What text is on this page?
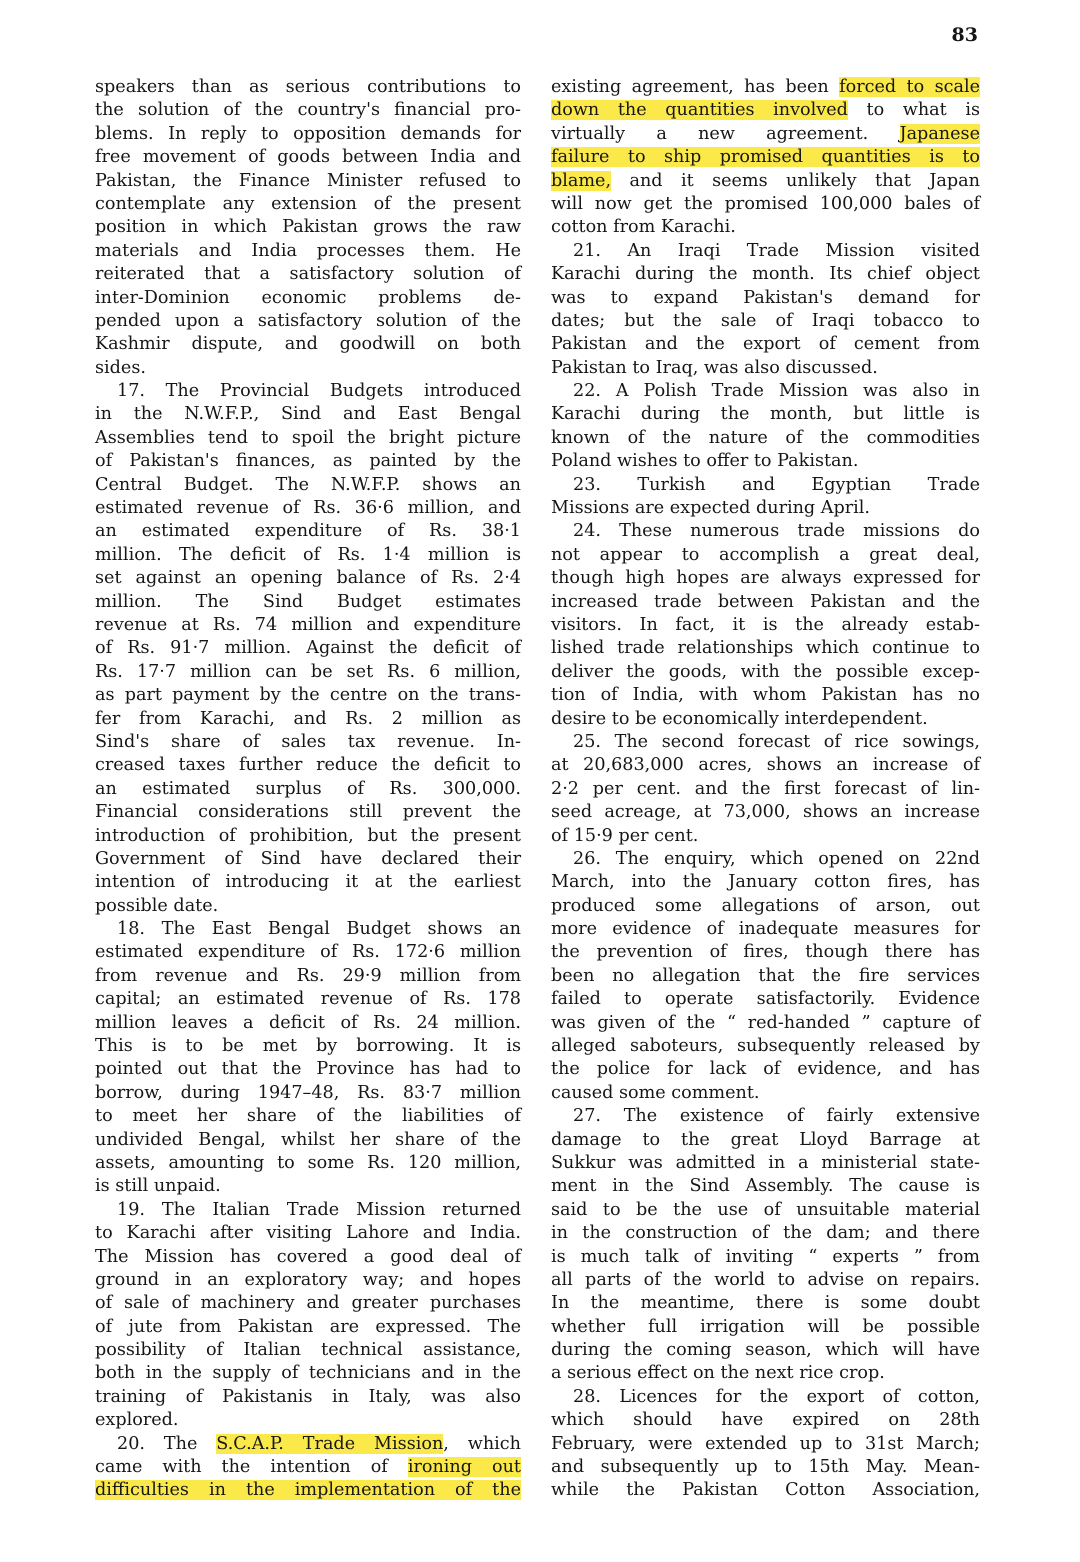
83
speakers than as serious contributions to
the solution of the country's financial pro-
blems. In reply to opposition demands for
free movement of goods between India and
Pakistan, the Finance Minister refused to
contemplate any extension of the present
position in which Pakistan grows the raw
materials and India processes them. He
reiterated that a satisfactory solution of
inter-Dominion economic problems de-
pended upon a satisfactory solution of the
Kashmir dispute, and goodwill on both
sides.
17. The Provincial Budgets introduced
in the N.W.F.P., Sind and East Bengal
Assemblies tend to spoil the bright picture
of Pakistan's finances, as painted by the
Central Budget. The N.W.F.P. shows an
estimated revenue of Rs. 36·6 million, and
an estimated expenditure of Rs. 38·1
million. The deficit of Rs. 1·4 million is
set against an opening balance of Rs. 2·4
million. The Sind Budget estimates
revenue at Rs. 74 million and expenditure
of Rs. 91·7 million. Against the deficit of
Rs. 17·7 million can be set Rs. 6 million,
as part payment by the centre on the trans-
fer from Karachi, and Rs. 2 million as
Sind's share of sales tax revenue. In-
creased taxes further reduce the deficit to
an estimated surplus of Rs. 300,000.
Financial considerations still prevent the
introduction of prohibition, but the present
Government of Sind have declared their
intention of introducing it at the earliest
possible date.
18. The East Bengal Budget shows an
estimated expenditure of Rs. 172·6 million
from revenue and Rs. 29·9 million from
capital; an estimated revenue of Rs. 178
million leaves a deficit of Rs. 24 million.
This is to be met by borrowing. It is
pointed out that the Province has had to
borrow, during 1947–48, Rs. 83·7 million
to meet her share of the liabilities of
undivided Bengal, whilst her share of the
assets, amounting to some Rs. 120 million,
is still unpaid.
19. The Italian Trade Mission returned
to Karachi after visiting Lahore and India.
The Mission has covered a good deal of
ground in an exploratory way; and hopes
of sale of machinery and greater purchases
of jute from Pakistan are expressed. The
possibility of Italian technical assistance,
both in the supply of technicians and in the
training of Pakistanis in Italy, was also
explored.
20. The S.C.A.P. Trade Mission, which
came with the intention of ironing out
difficulties in the implementation of the
existing agreement, has been forced to scale
down the quantities involved to what is
virtually a new agreement. Japanese
failure to ship promised quantities is to
blame, and it seems unlikely that Japan
will now get the promised 100,000 bales of
cotton from Karachi.
21. An Iraqi Trade Mission visited
Karachi during the month. Its chief object
was to expand Pakistan's demand for
dates; but the sale of Iraqi tobacco to
Pakistan and the export of cement from
Pakistan to Iraq, was also discussed.
22. A Polish Trade Mission was also in
Karachi during the month, but little is
known of the nature of the commodities
Poland wishes to offer to Pakistan.
23. Turkish and Egyptian Trade
Missions are expected during April.
24. These numerous trade missions do
not appear to accomplish a great deal,
though high hopes are always expressed for
increased trade between Pakistan and the
visitors. In fact, it is the already estab-
lished trade relationships which continue to
deliver the goods, with the possible excep-
tion of India, with whom Pakistan has no
desire to be economically interdependent.
25. The second forecast of rice sowings,
at 20,683,000 acres, shows an increase of
2·2 per cent. and the first forecast of lin-
seed acreage, at 73,000, shows an increase
of 15·9 per cent.
26. The enquiry, which opened on 22nd
March, into the January cotton fires, has
produced some allegations of arson, out
more evidence of inadequate measures for
the prevention of fires, though there has
been no allegation that the fire services
failed to operate satisfactorily. Evidence
was given of the “ red-handed ” capture of
alleged saboteurs, subsequently released by
the police for lack of evidence, and has
caused some comment.
27. The existence of fairly extensive
damage to the great Lloyd Barrage at
Sukkur was admitted in a ministerial state-
ment in the Sind Assembly. The cause is
said to be the use of unsuitable material
in the construction of the dam; and there
is much talk of inviting “ experts ” from
all parts of the world to advise on repairs.
In the meantime, there is some doubt
whether full irrigation will be possible
during the coming season, which will have
a serious effect on the next rice crop.
28. Licences for the export of cotton,
which should have expired on 28th
February, were extended up to 31st March;
and subsequently up to 15th May. Mean-
while the Pakistan Cotton Association,
